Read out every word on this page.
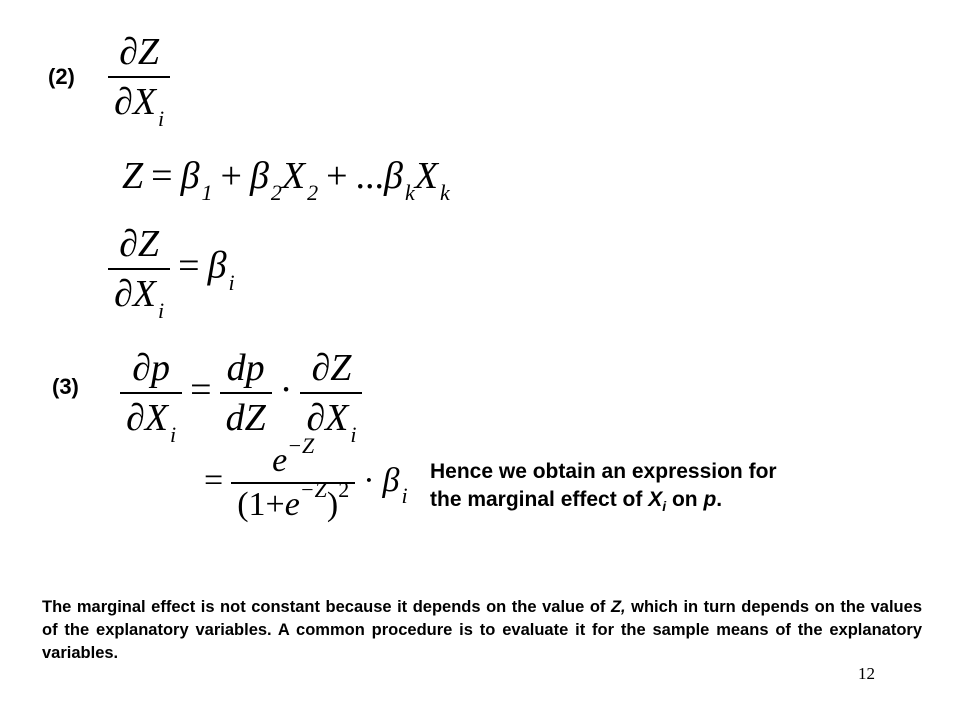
$(2) \frac{\partial Z}{\partial X_i}$
$Z = \beta_1 + \beta_2X_2 + ...\beta_kX_k$
$\frac{\partial Z}{\partial X_i} = \beta_i$
$(3) \frac{\partial p}{\partial X_i} = \frac{dp}{dZ} \cdot \frac{\partial Z}{\partial X_i}$
= $\frac{e^{-Z}}{(1+e^{-Z})^2} \cdot \beta_i$
Hence we obtain an expression for
the marginal effect of $X_i$ on p.
The marginal effect is not constant because it depends on the value of Z, which in turn depends on the values of the explanatory variables. A common procedure is to evaluate it for the sample means of the explanatory variables.
12
